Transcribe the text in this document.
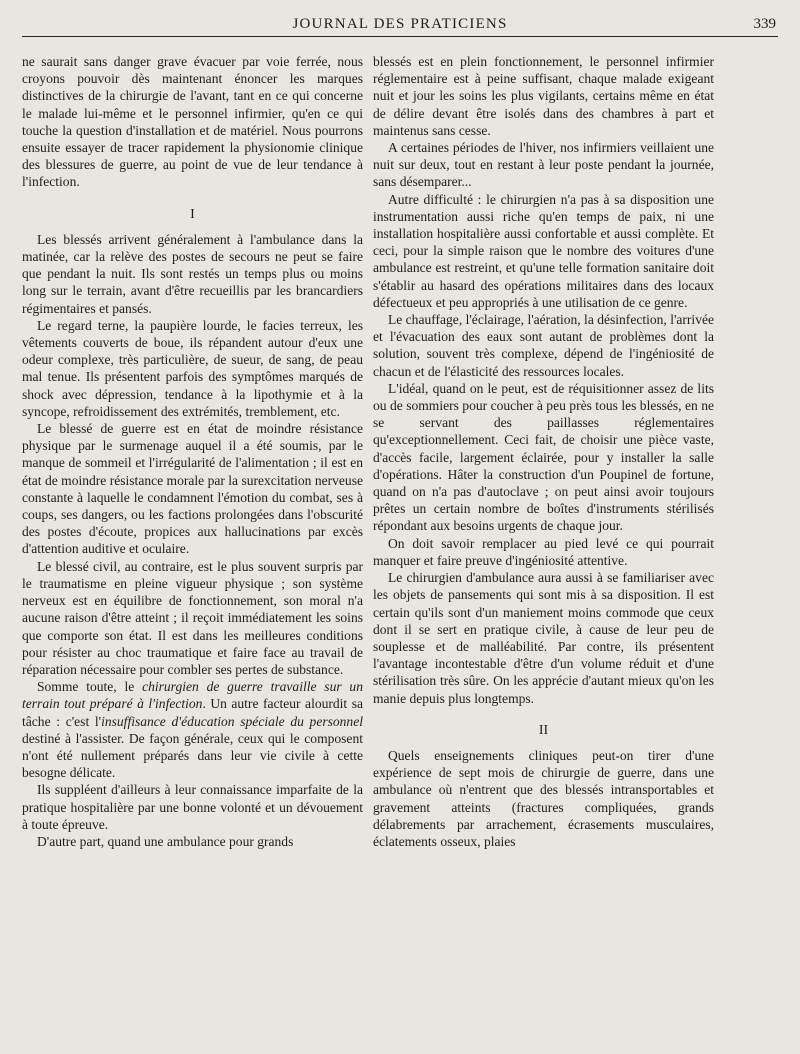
JOURNAL DES PRATICIENS	339

ne saurait sans danger grave évacuer par voie ferrée, nous croyons pouvoir dès maintenant énoncer les marques distinctives de la chirurgie de l'avant, tant en ce qui concerne le malade lui-même et le personnel infirmier, qu'en ce qui touche la question d'installation et de matériel. Nous pourrons ensuite essayer de tracer rapidement la physionomie clinique des blessures de guerre, au point de vue de leur tendance à l'infection.

I

Les blessés arrivent généralement à l'ambulance dans la matinée, car la relève des postes de secours ne peut se faire que pendant la nuit. Ils sont restés un temps plus ou moins long sur le terrain, avant d'être recueillis par les brancardiers régimentaires et pansés.

Le regard terne, la paupière lourde, le facies terreux, les vêtements couverts de boue, ils répandent autour d'eux une odeur complexe, très particulière, de sueur, de sang, de peau mal tenue. Ils présentent parfois des symptômes marqués de shock avec dépression, tendance à la lipothymie et à la syncope, refroidissement des extrémités, tremblement, etc.

Le blessé de guerre est en état de moindre résistance physique par le surmenage auquel il a été soumis, par le manque de sommeil et l'irrégularité de l'alimentation ; il est en état de moindre résistance morale par la surexcitation nerveuse constante à laquelle le condamnent l'émotion du combat, ses à coups, ses dangers, ou les factions prolongées dans l'obscurité des postes d'écoute, propices aux hallucinations par excès d'attention auditive et oculaire.

Le blessé civil, au contraire, est le plus souvent surpris par le traumatisme en pleine vigueur physique ; son système nerveux est en équilibre de fonctionnement, son moral n'a aucune raison d'être atteint ; il reçoit immédiatement les soins que comporte son état. Il est dans les meilleures conditions pour résister au choc traumatique et faire face au travail de réparation nécessaire pour combler ses pertes de substance.

Somme toute, le chirurgien de guerre travaille sur un terrain tout préparé à l'infection. Un autre facteur alourdit sa tâche : c'est l'insuffisance d'éducation spéciale du personnel destiné à l'assister. De façon générale, ceux qui le composent n'ont été nullement préparés dans leur vie civile à cette besogne délicate.

Ils suppléent d'ailleurs à leur connaissance imparfaite de la pratique hospitalière par une bonne volonté et un dévouement à toute épreuve.

D'autre part, quand une ambulance pour grands

blessés est en plein fonctionnement, le personnel infirmier réglementaire est à peine suffisant, chaque malade exigeant nuit et jour les soins les plus vigilants, certains même en état de délire devant être isolés dans des chambres à part et maintenus sans cesse.

A certaines périodes de l'hiver, nos infirmiers veillaient une nuit sur deux, tout en restant à leur poste pendant la journée, sans désemparer...

Autre difficulté : le chirurgien n'a pas à sa disposition une instrumentation aussi riche qu'en temps de paix, ni une installation hospitalière aussi confortable et aussi complète. Et ceci, pour la simple raison que le nombre des voitures d'une ambulance est restreint, et qu'une telle formation sanitaire doit s'établir au hasard des opérations militaires dans des locaux défectueux et peu appropriés à une utilisation de ce genre.

Le chauffage, l'éclairage, l'aération, la désinfection, l'arrivée et l'évacuation des eaux sont autant de problèmes dont la solution, souvent très complexe, dépend de l'ingéniosité de chacun et de l'élasticité des ressources locales.

L'idéal, quand on le peut, est de réquisitionner assez de lits ou de sommiers pour coucher à peu près tous les blessés, en ne se servant des paillasses réglementaires qu'exceptionnellement. Ceci fait, de choisir une pièce vaste, d'accès facile, largement éclairée, pour y installer la salle d'opérations. Hâter la construction d'un Poupinel de fortune, quand on n'a pas d'autoclave ; on peut ainsi avoir toujours prêtes un certain nombre de boîtes d'instruments stérilisés répondant aux besoins urgents de chaque jour.

On doit savoir remplacer au pied levé ce qui pourrait manquer et faire preuve d'ingéniosité attentive.

Le chirurgien d'ambulance aura aussi à se familiariser avec les objets de pansements qui sont mis à sa disposition. Il est certain qu'ils sont d'un maniement moins commode que ceux dont il se sert en pratique civile, à cause de leur peu de souplesse et de malléabilité. Par contre, ils présentent l'avantage incontestable d'être d'un volume réduit et d'une stérilisation très sûre. On les apprécie d'autant mieux qu'on les manie depuis plus longtemps.

II

Quels enseignements cliniques peut-on tirer d'une expérience de sept mois de chirurgie de guerre, dans une ambulance où n'entrent que des blessés intransportables et gravement atteints (fractures compliquées, grands délabrements par arrachement, écrasements musculaires, éclatements osseux, plaies
